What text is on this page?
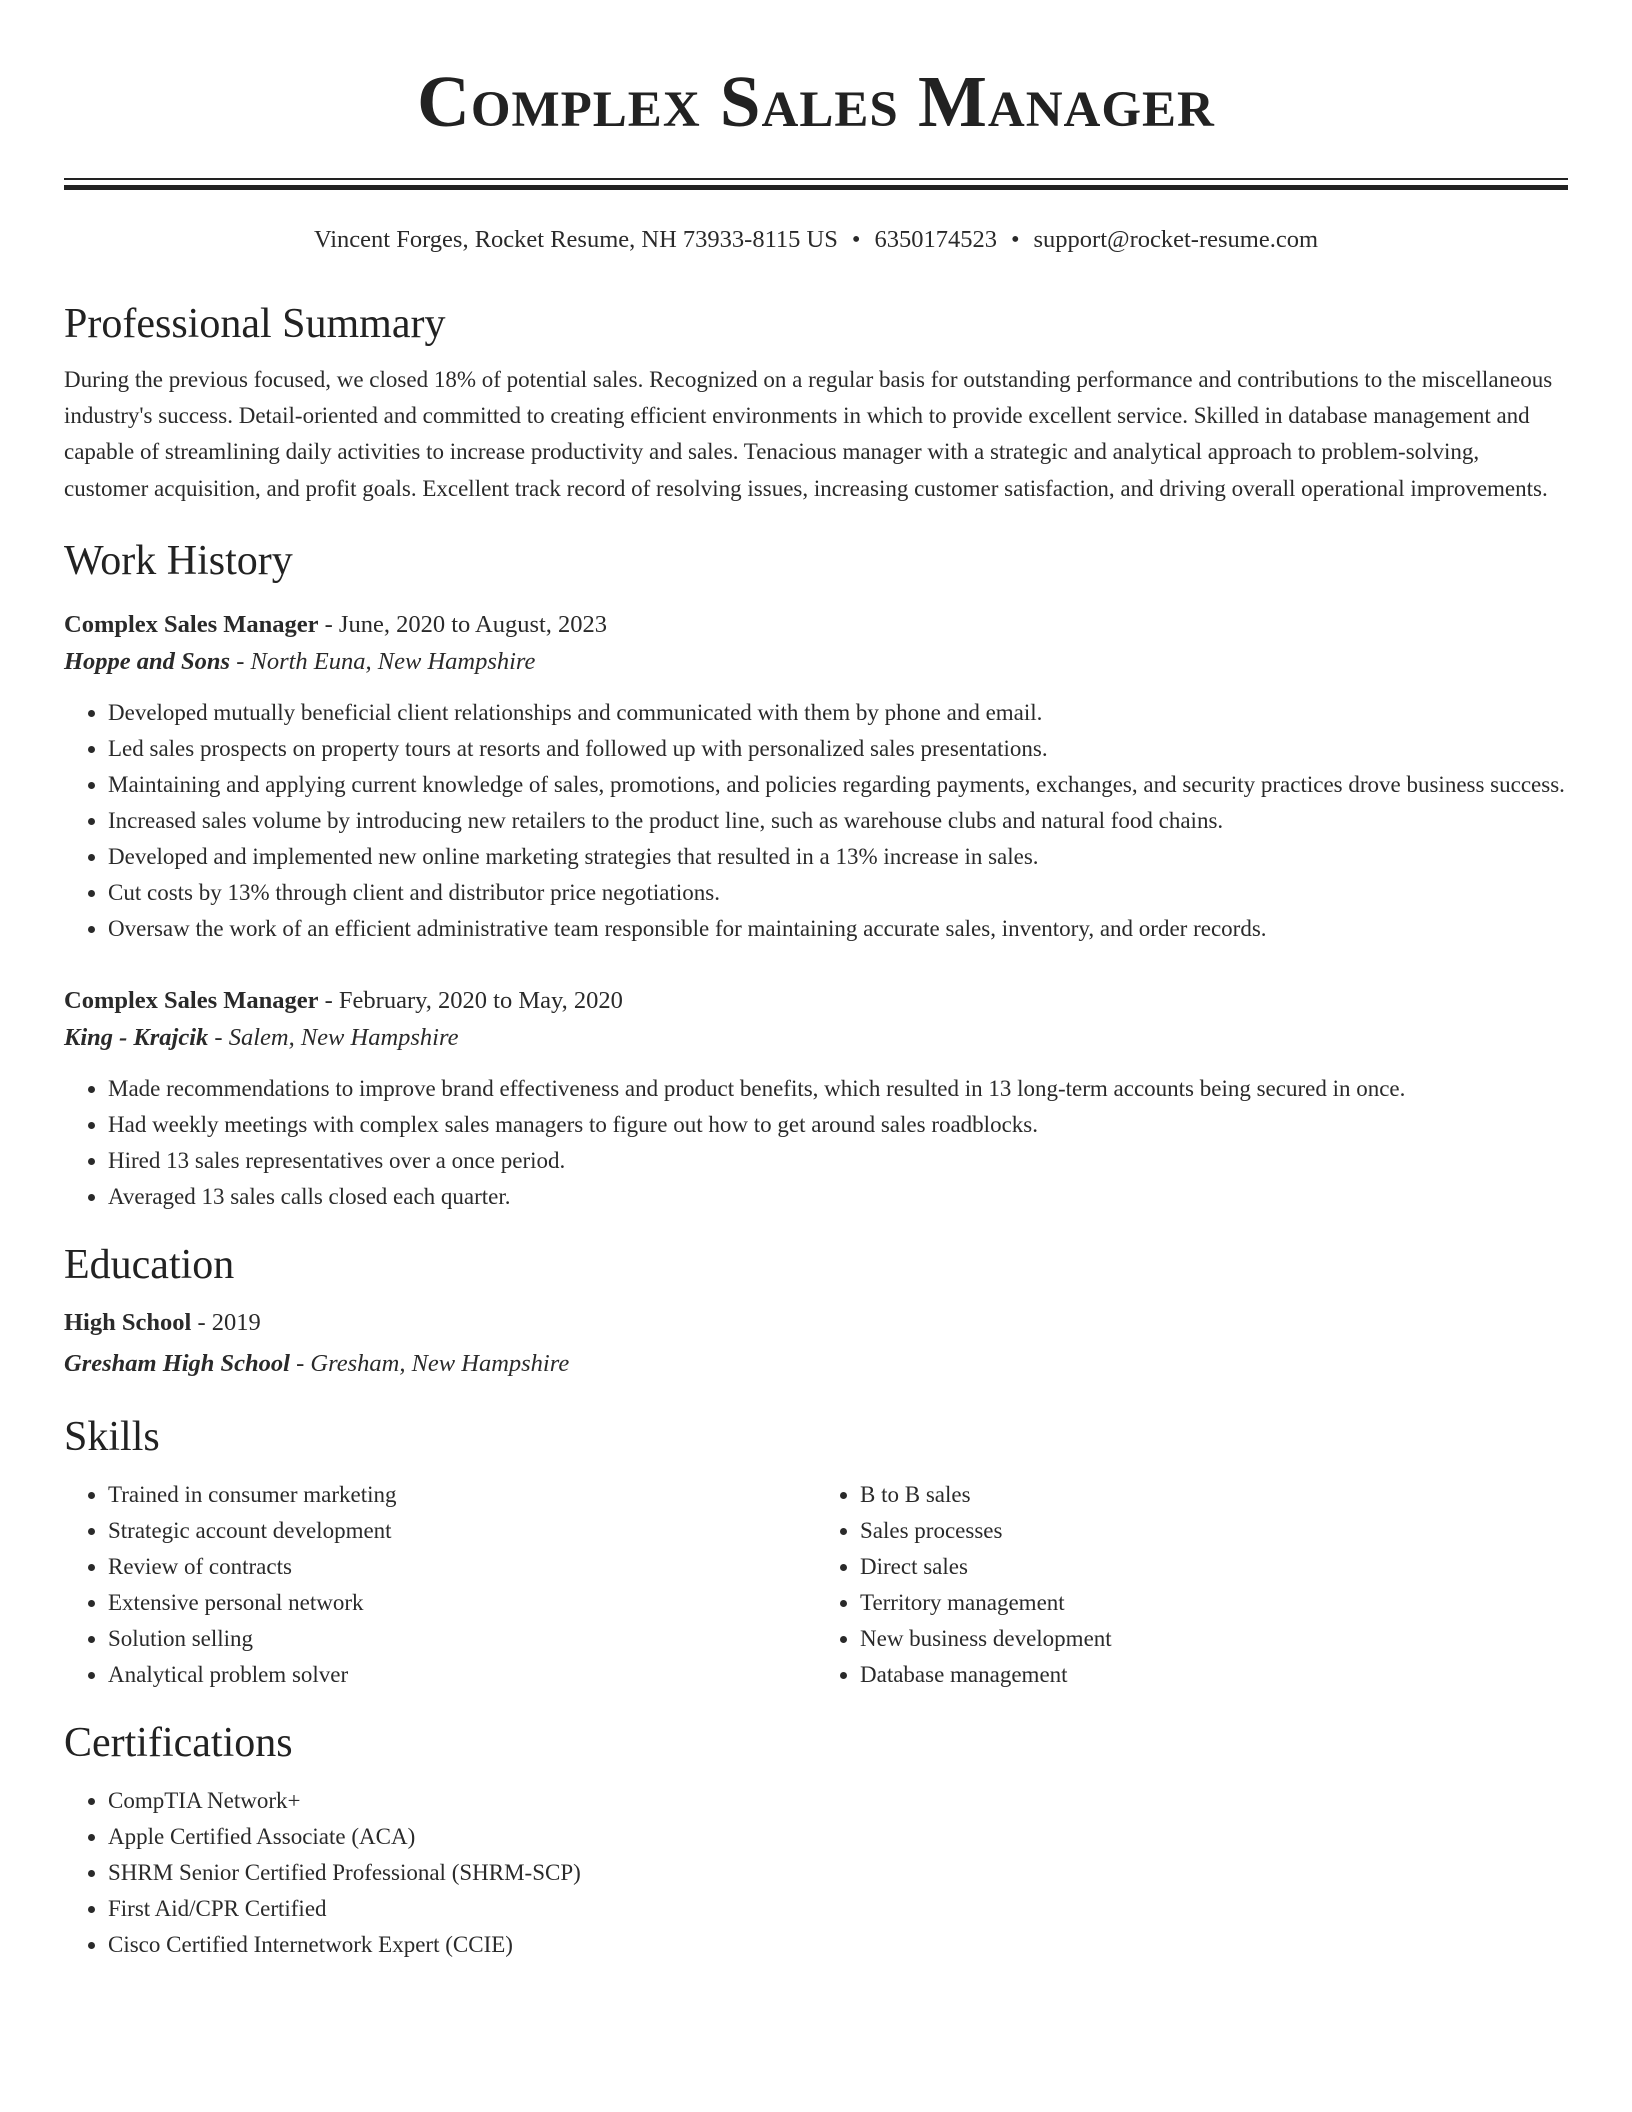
Complex Sales Manager
Vincent Forges, Rocket Resume, NH 73933-8115 US • 6350174523 • support@rocket-resume.com
Professional Summary
During the previous focused, we closed 18% of potential sales. Recognized on a regular basis for outstanding performance and contributions to the miscellaneous industry's success. Detail-oriented and committed to creating efficient environments in which to provide excellent service. Skilled in database management and capable of streamlining daily activities to increase productivity and sales. Tenacious manager with a strategic and analytical approach to problem-solving, customer acquisition, and profit goals. Excellent track record of resolving issues, increasing customer satisfaction, and driving overall operational improvements.
Work History
Complex Sales Manager - June, 2020 to August, 2023
Hoppe and Sons - North Euna, New Hampshire
• Developed mutually beneficial client relationships and communicated with them by phone and email.
• Led sales prospects on property tours at resorts and followed up with personalized sales presentations.
• Maintaining and applying current knowledge of sales, promotions, and policies regarding payments, exchanges, and security practices drove business success.
• Increased sales volume by introducing new retailers to the product line, such as warehouse clubs and natural food chains.
• Developed and implemented new online marketing strategies that resulted in a 13% increase in sales.
• Cut costs by 13% through client and distributor price negotiations.
• Oversaw the work of an efficient administrative team responsible for maintaining accurate sales, inventory, and order records.
Complex Sales Manager - February, 2020 to May, 2020
King - Krajcik - Salem, New Hampshire
• Made recommendations to improve brand effectiveness and product benefits, which resulted in 13 long-term accounts being secured in once.
• Had weekly meetings with complex sales managers to figure out how to get around sales roadblocks.
• Hired 13 sales representatives over a once period.
• Averaged 13 sales calls closed each quarter.
Education
High School - 2019
Gresham High School - Gresham, New Hampshire
Skills
• Trained in consumer marketing
• Strategic account development
• Review of contracts
• Extensive personal network
• Solution selling
• Analytical problem solver
• B to B sales
• Sales processes
• Direct sales
• Territory management
• New business development
• Database management
Certifications
• CompTIA Network+
• Apple Certified Associate (ACA)
• SHRM Senior Certified Professional (SHRM-SCP)
• First Aid/CPR Certified
• Cisco Certified Internetwork Expert (CCIE)
